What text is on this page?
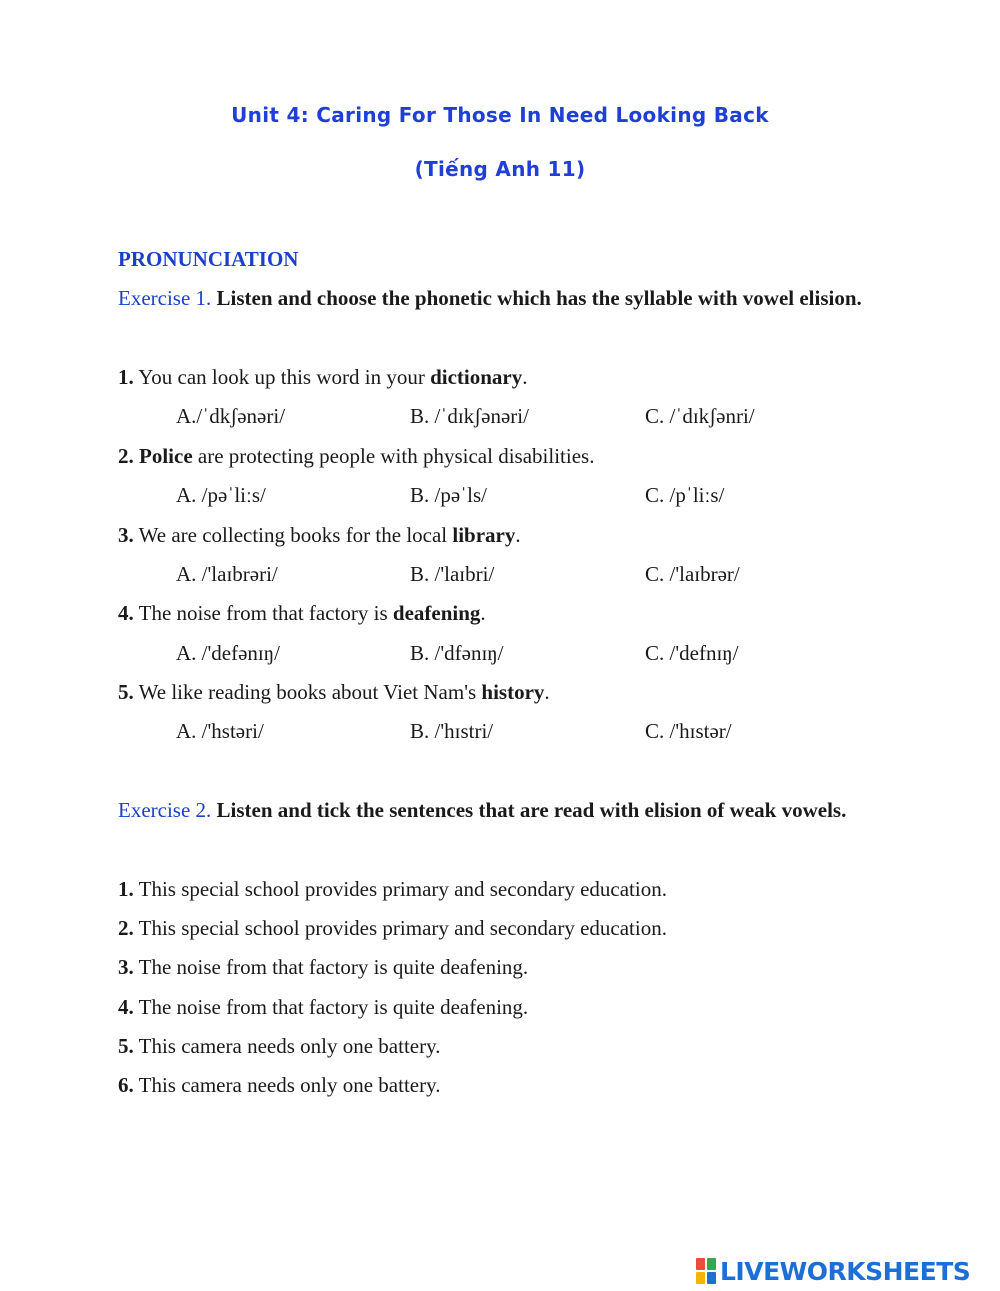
Unit 4: Caring For Those In Need Looking Back
(Tiếng Anh 11)
PRONUNCIATION
Exercise 1. Listen and choose the phonetic which has the syllable with vowel elision.
1. You can look up this word in your dictionary.
A./ˈdkʃənəri/	B. /ˈdɪkʃənəri/	C. /ˈdɪkʃənri/
2. Police are protecting people with physical disabilities.
A. /pəˈliːs/	B. /pəˈls/	C. /pˈliːs/
3. We are collecting books for the local library.
A. /'laɪbrəri/	B. /'laɪbri/	C. /'laɪbrər/
4. The noise from that factory is deafening.
A. /'defənɪŋ/	B. /'dfənɪŋ/	C. /'defnɪŋ/
5. We like reading books about Viet Nam's history.
A. /'hstəri/	B. /'hɪstri/	C. /'hɪstər/
Exercise 2. Listen and tick the sentences that are read with elision of weak vowels.
1. This special school provides primary and secondary education.
2. This special school provides primary and secondary education.
3. The noise from that factory is quite deafening.
4. The noise from that factory is quite deafening.
5. This camera needs only one battery.
6. This camera needs only one battery.
LIVEWORKSHEETS
